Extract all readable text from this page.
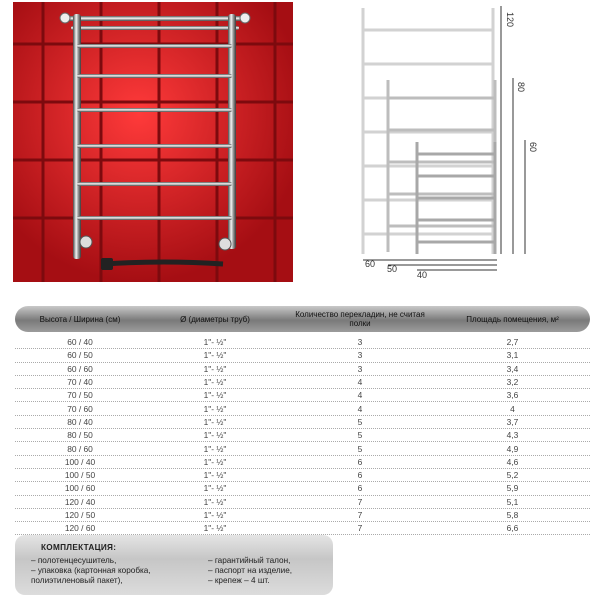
120
80
60
60 50
40
Высота / Ширина (см)	Ø (диаметры труб)	Количество перекладин, не считая полки	Площадь помещения, м²
60 / 40	1"- ½"	3	2,7
60 / 50	1"- ½"	3	3,1
60 / 60	1"- ½"	3	3,4
70 / 40	1"- ½"	4	3,2
70 / 50	1"- ½"	4	3,6
70 / 60	1"- ½"	4	4
80 / 40	1"- ½"	5	3,7
80 / 50	1"- ½"	5	4,3
80 / 60	1"- ½"	5	4,9
100 / 40	1"- ½"	6	4,6
100 / 50	1"- ½"	6	5,2
100 / 60	1"- ½"	6	5,9
120 / 40	1"- ½"	7	5,1
120 / 50	1"- ½"	7	5,8
120 / 60	1"- ½"	7	6,6
КОМПЛЕКТАЦИЯ:
– полотенцесушитель,
– упаковка (картонная коробка,
полиэтиленовый пакет),
– гарантийный талон,
– паспорт на изделие,
– крепеж – 4 шт.
